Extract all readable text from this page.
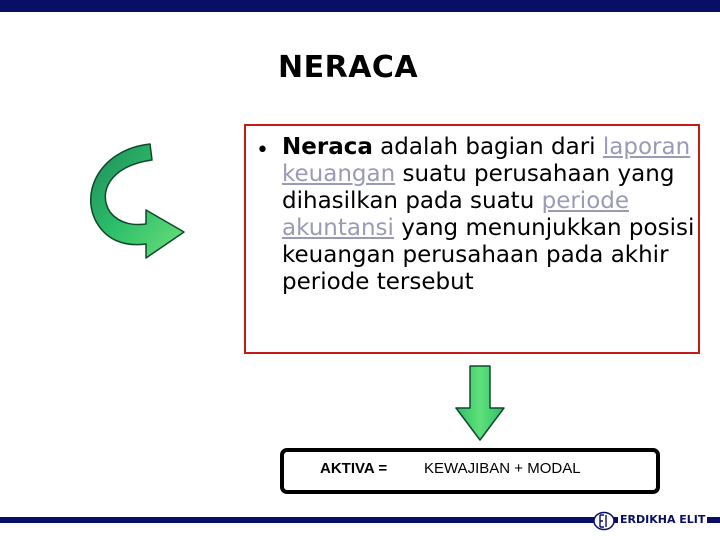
NERACA
• Neraca adalah bagian dari laporan keuangan suatu perusahaan yang dihasilkan pada suatu periode akuntansi yang menunjukkan posisi keuangan perusahaan pada akhir periode tersebut
AKTIVA = KEWAJIBAN + MODAL
ERDIKHA ELIT
